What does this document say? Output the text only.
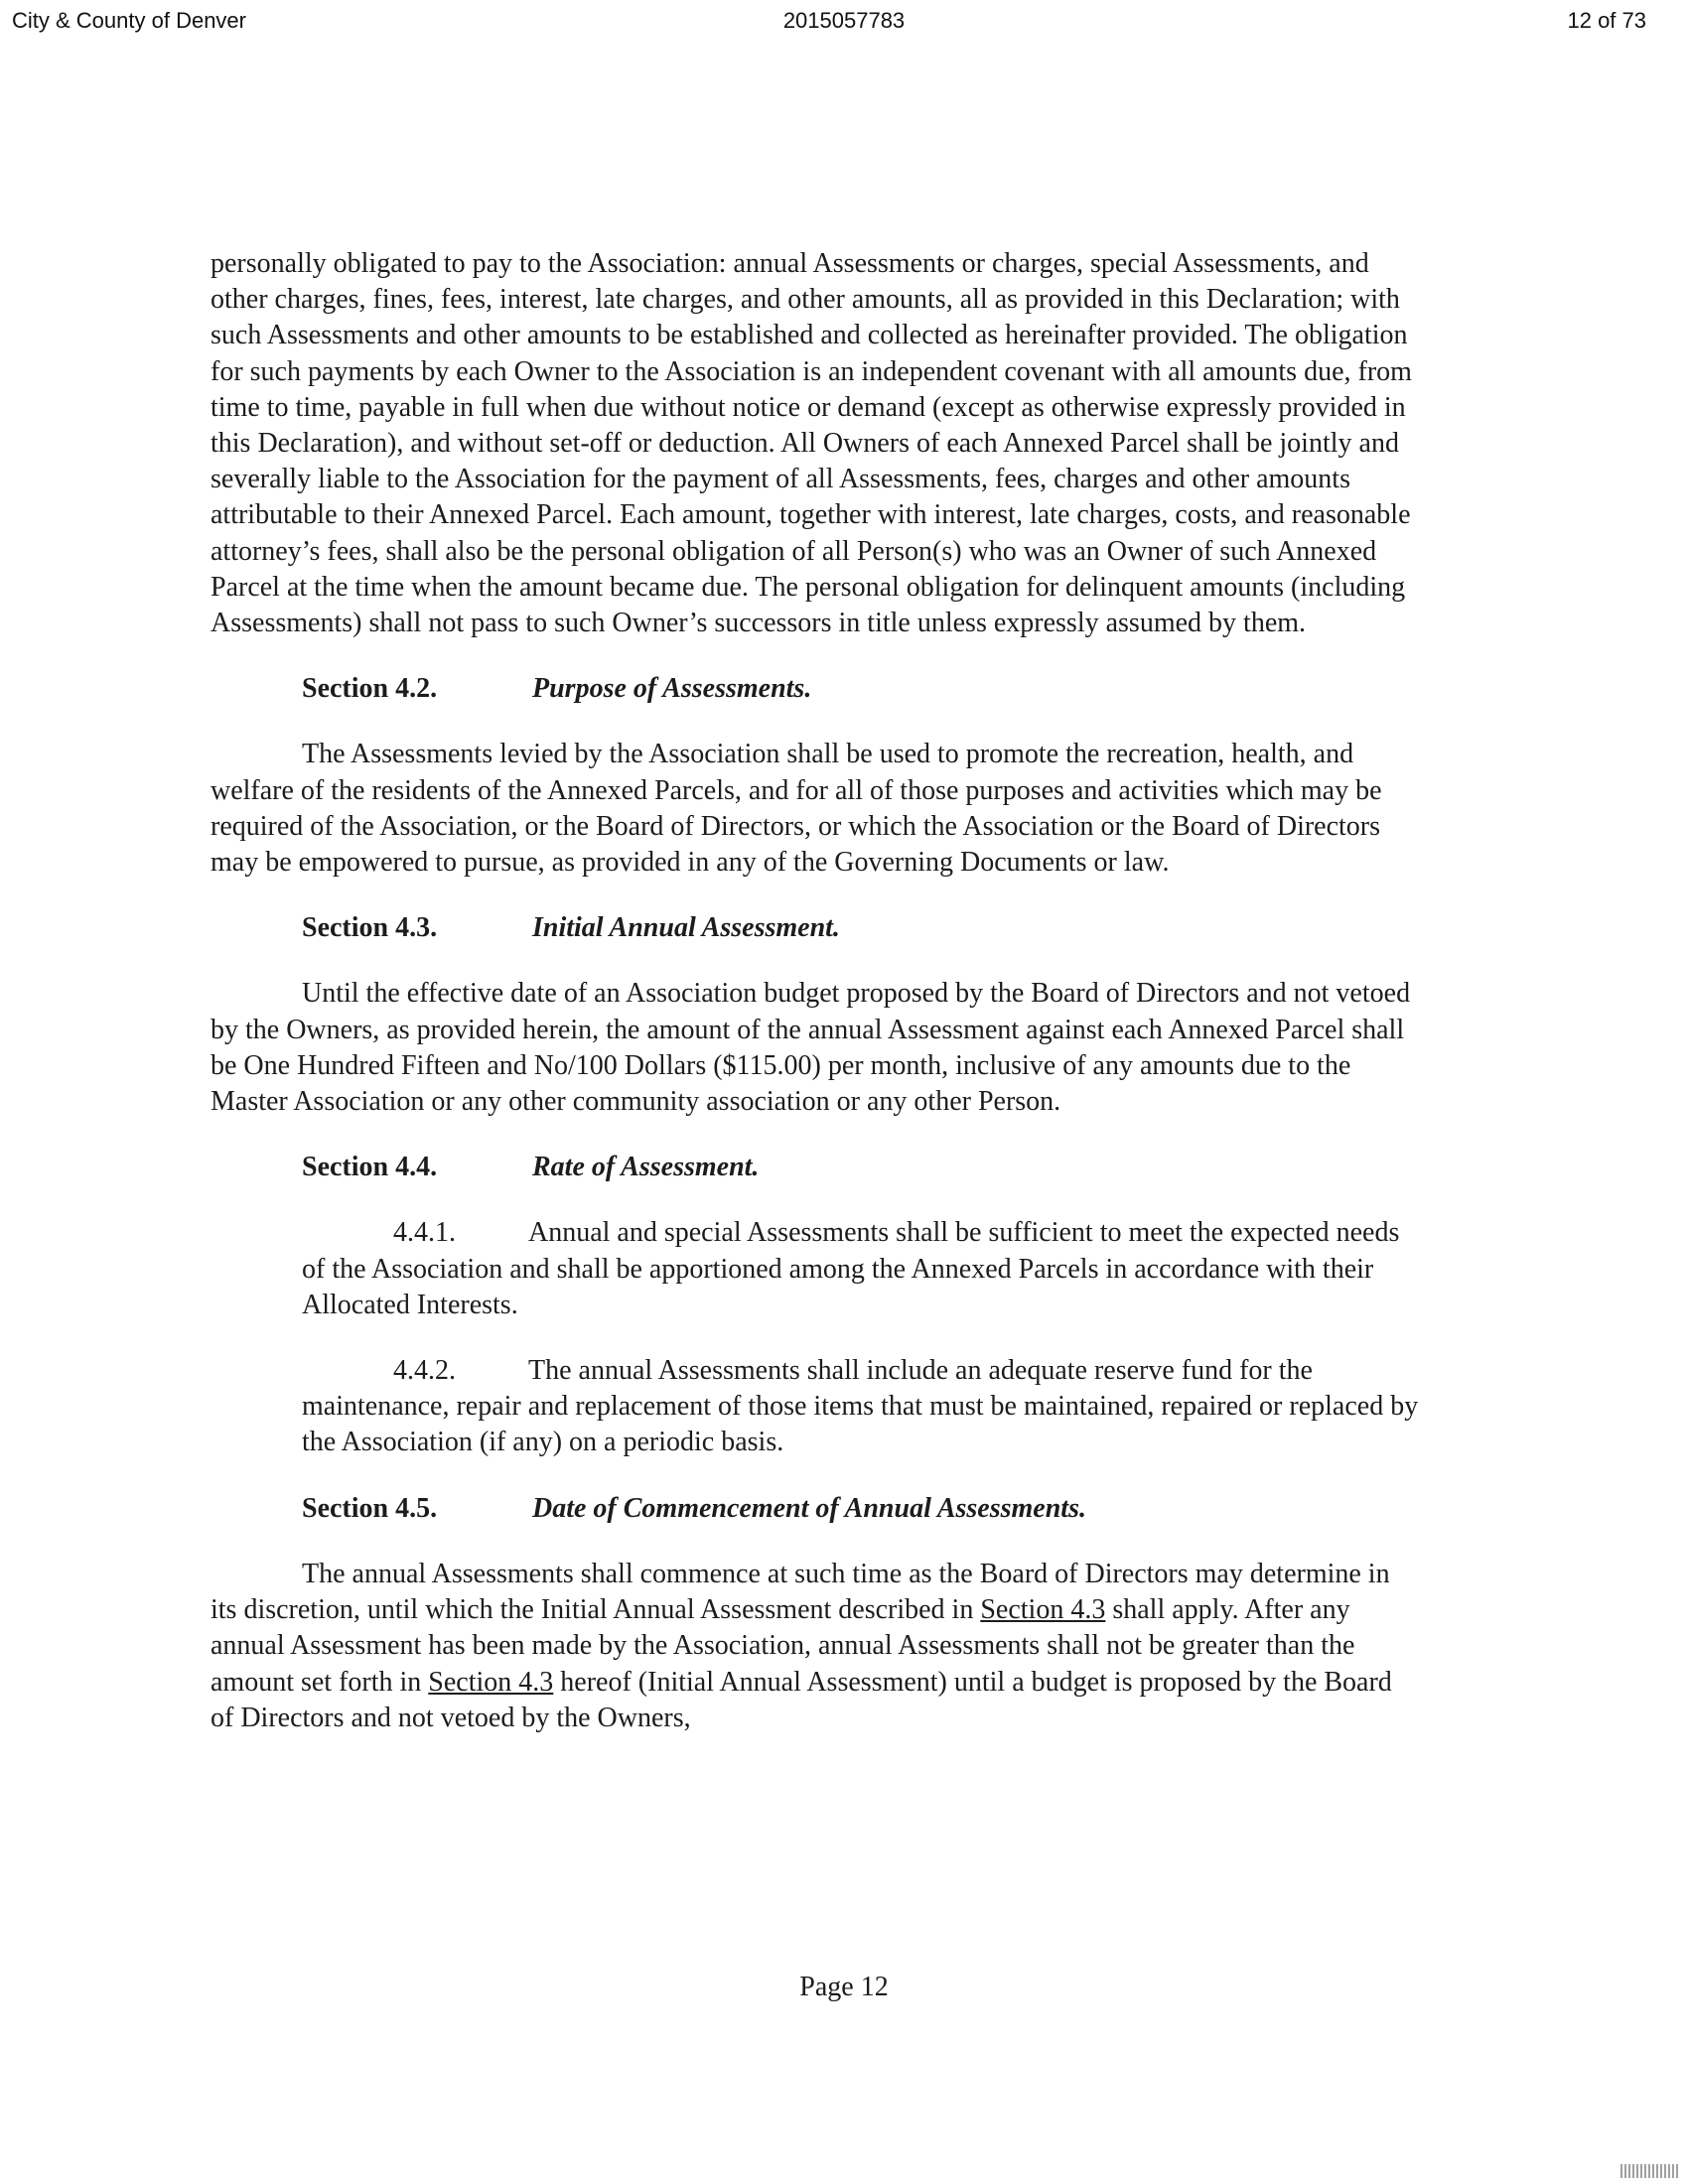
City & County of Denver	2015057783	12 of 73

personally obligated to pay to the Association: annual Assessments or charges, special Assessments, and other charges, fines, fees, interest, late charges, and other amounts, all as provided in this Declaration; with such Assessments and other amounts to be established and collected as hereinafter provided. The obligation for such payments by each Owner to the Association is an independent covenant with all amounts due, from time to time, payable in full when due without notice or demand (except as otherwise expressly provided in this Declaration), and without set-off or deduction. All Owners of each Annexed Parcel shall be jointly and severally liable to the Association for the payment of all Assessments, fees, charges and other amounts attributable to their Annexed Parcel. Each amount, together with interest, late charges, costs, and reasonable attorney’s fees, shall also be the personal obligation of all Person(s) who was an Owner of such Annexed Parcel at the time when the amount became due. The personal obligation for delinquent amounts (including Assessments) shall not pass to such Owner’s successors in title unless expressly assumed by them.

Section 4.2.	Purpose of Assessments.

The Assessments levied by the Association shall be used to promote the recreation, health, and welfare of the residents of the Annexed Parcels, and for all of those purposes and activities which may be required of the Association, or the Board of Directors, or which the Association or the Board of Directors may be empowered to pursue, as provided in any of the Governing Documents or law.

Section 4.3.	Initial Annual Assessment.

Until the effective date of an Association budget proposed by the Board of Directors and not vetoed by the Owners, as provided herein, the amount of the annual Assessment against each Annexed Parcel shall be One Hundred Fifteen and No/100 Dollars ($115.00) per month, inclusive of any amounts due to the Master Association or any other community association or any other Person.

Section 4.4.	Rate of Assessment.

4.4.1.	Annual and special Assessments shall be sufficient to meet the expected needs of the Association and shall be apportioned among the Annexed Parcels in accordance with their Allocated Interests.

4.4.2.	The annual Assessments shall include an adequate reserve fund for the maintenance, repair and replacement of those items that must be maintained, repaired or replaced by the Association (if any) on a periodic basis.

Section 4.5.	Date of Commencement of Annual Assessments.

The annual Assessments shall commence at such time as the Board of Directors may determine in its discretion, until which the Initial Annual Assessment described in Section 4.3 shall apply. After any annual Assessment has been made by the Association, annual Assessments shall not be greater than the amount set forth in Section 4.3 hereof (Initial Annual Assessment) until a budget is proposed by the Board of Directors and not vetoed by the Owners,

Page 12
